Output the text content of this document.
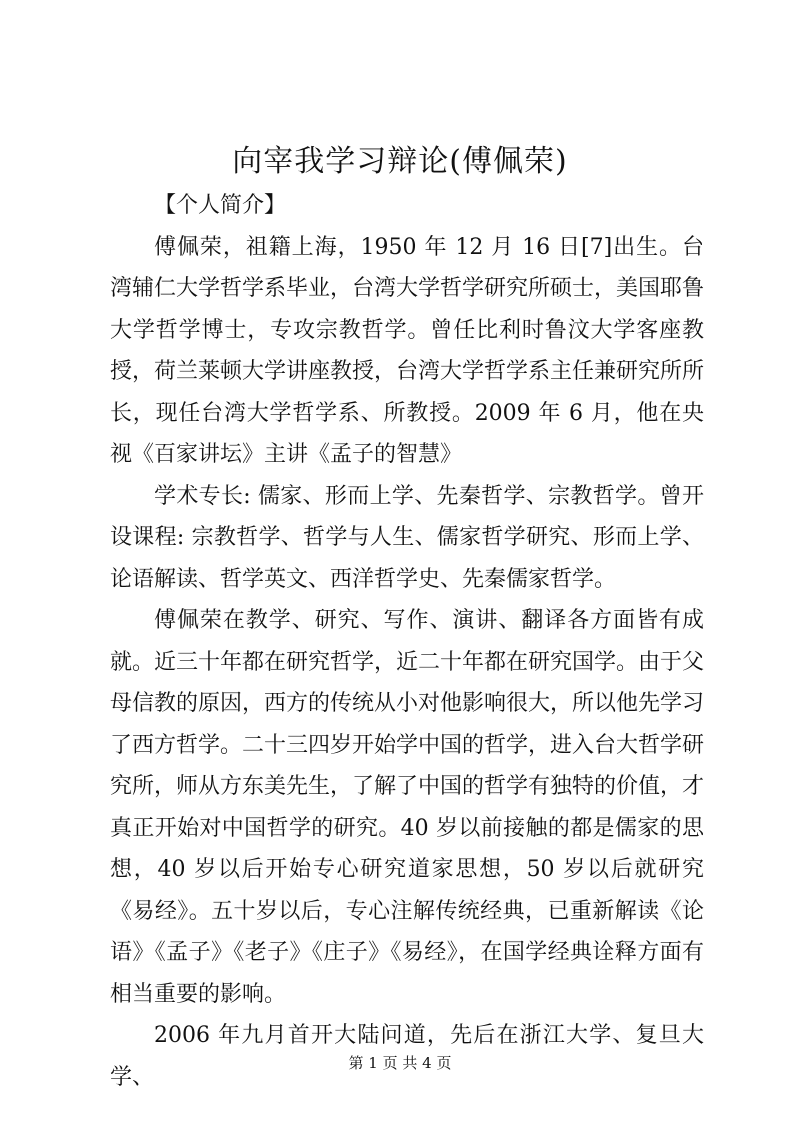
向宰我学习辩论(傅佩荣)

【个人简介】

傅佩荣，祖籍上海，1950 年 12 月 16 日[7]出生。台湾辅仁大学哲学系毕业，台湾大学哲学研究所硕士，美国耶鲁大学哲学博士，专攻宗教哲学。曾任比利时鲁汶大学客座教授，荷兰莱顿大学讲座教授，台湾大学哲学系主任兼研究所所长，现任台湾大学哲学系、所教授。2009 年 6 月，他在央视《百家讲坛》主讲《孟子的智慧》

学术专长: 儒家、形而上学、先秦哲学、宗教哲学。曾开设课程: 宗教哲学、哲学与人生、儒家哲学研究、形而上学、论语解读、哲学英文、西洋哲学史、先秦儒家哲学。

傅佩荣在教学、研究、写作、演讲、翻译各方面皆有成就。近三十年都在研究哲学，近二十年都在研究国学。由于父母信教的原因，西方的传统从小对他影响很大，所以他先学习了西方哲学。二十三四岁开始学中国的哲学，进入台大哲学研究所，师从方东美先生，了解了中国的哲学有独特的价值，才真正开始对中国哲学的研究。40 岁以前接触的都是儒家的思想，40 岁以后开始专心研究道家思想，50 岁以后就研究《易经》。五十岁以后，专心注解传统经典，已重新解读《论语》《孟子》《老子》《庄子》《易经》，在国学经典诠释方面有相当重要的影响。

2006 年九月首开大陆问道，先后在浙江大学、复旦大学、

第 1 页 共 4 页
